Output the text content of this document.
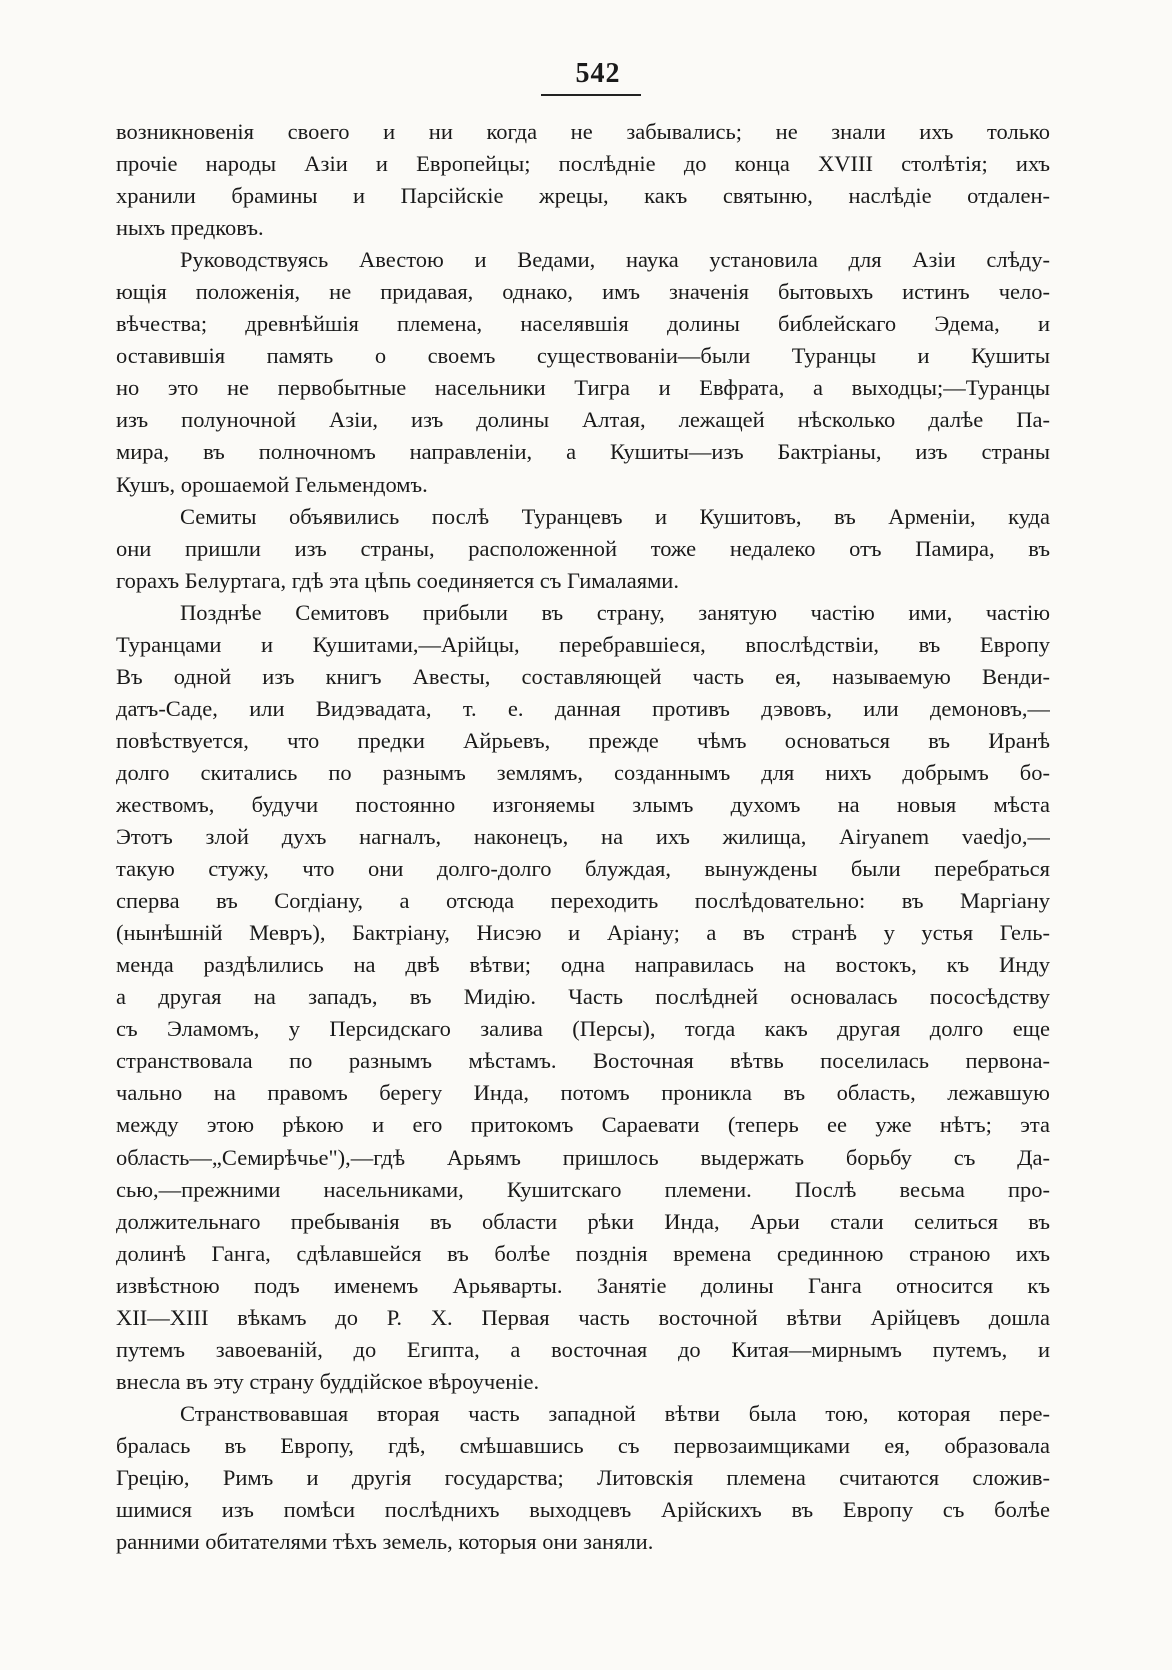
542
возникновенія своего и ни когда не забывались; не знали ихъ только
прочіе народы Азіи и Европейцы; послѣдніе до конца XVIII столѣтія; ихъ
хранили брамины и Парсійскіе жрецы, какъ святыню, наслѣдіе отдален-
ныхъ предковъ.
Руководствуясь Авестою и Ведами, наука установила для Азіи слѣду-
ющія положенія, не придавая, однако, имъ значенія бытовыхъ истинъ чело-
вѣчества; древнѣйшія племена, населявшія долины библейскаго Эдема, и
оставившія память о своемъ существованіи—были Туранцы и Кушиты
но это не первобытные насельники Тигра и Евфрата, а выходцы;—Туранцы
изъ полуночной Азіи, изъ долины Алтая, лежащей нѣсколько далѣе Па-
мира, въ полночномъ направленіи, а Кушиты—изъ Бактріаны, изъ страны
Кушъ, орошаемой Гельмендомъ.
Семиты объявились послѣ Туранцевъ и Кушитовъ, въ Арменіи, куда
они пришли изъ страны, расположенной тоже недалеко отъ Памира, въ
горахъ Белуртага, гдѣ эта цѣпь соединяется съ Гималаями.
Позднѣе Семитовъ прибыли въ страну, занятую частію ими, частію
Туранцами и Кушитами,—Арійцы, перебравшіеся, впослѣдствіи, въ Европу
Въ одной изъ книгъ Авесты, составляющей часть ея, называемую Венди-
датъ-Саде, или Видэвадата, т. е. данная противъ дэвовъ, или демоновъ,—
повѣствуется, что предки Айрьевъ, прежде чѣмъ основаться въ Иранѣ
долго скитались по разнымъ землямъ, созданнымъ для нихъ добрымъ бо-
жествомъ, будучи постоянно изгоняемы злымъ духомъ на новыя мѣста
Этотъ злой духъ нагналъ, наконецъ, на ихъ жилища, Airyanem vaedjo,—
такую стужу, что они долго-долго блуждая, вынуждены были перебраться
сперва въ Согдіану, а отсюда переходить послѣдовательно: въ Маргіану
(нынѣшній Мевръ), Бактріану, Нисэю и Аріану; а въ странѣ у устья Гель-
менда раздѣлились на двѣ вѣтви; одна направилась на востокъ, къ Инду
а другая на западъ, въ Мидію. Часть послѣдней основалась пососѣдству
съ Эламомъ, у Персидскаго залива (Персы), тогда какъ другая долго еще
странствовала по разнымъ мѣстамъ. Восточная вѣтвь поселилась первона-
чально на правомъ берегу Инда, потомъ проникла въ область, лежавшую
между этою рѣкою и его притокомъ Сараевати (теперь ее уже нѣтъ; эта
область—„Семирѣчье"),—гдѣ Арьямъ пришлось выдержать борьбу съ Да-
сью,—прежними насельниками, Кушитскаго племени. Послѣ весьма про-
должительнаго пребыванія въ области рѣки Инда, Арьи стали селиться въ
долинѣ Ганга, сдѣлавшейся въ болѣе позднія времена срединною страною ихъ
извѣстною подъ именемъ Арьяварты. Занятіе долины Ганга относится къ
XII—XIII вѣкамъ до Р. Х. Первая часть восточной вѣтви Арійцевъ дошла
путемъ завоеваній, до Египта, а восточная до Китая—мирнымъ путемъ, и
внесла въ эту страну буддійское вѣроученіе.
Странствовавшая вторая часть западной вѣтви была тою, которая пере-
бралась въ Европу, гдѣ, смѣшавшись съ первозаимщиками ея, образовала
Грецію, Римъ и другія государства; Литовскія племена считаются сложив-
шимися изъ помѣси послѣднихъ выходцевъ Арійскихъ въ Европу съ болѣе
ранними обитателями тѣхъ земель, которыя они заняли.
